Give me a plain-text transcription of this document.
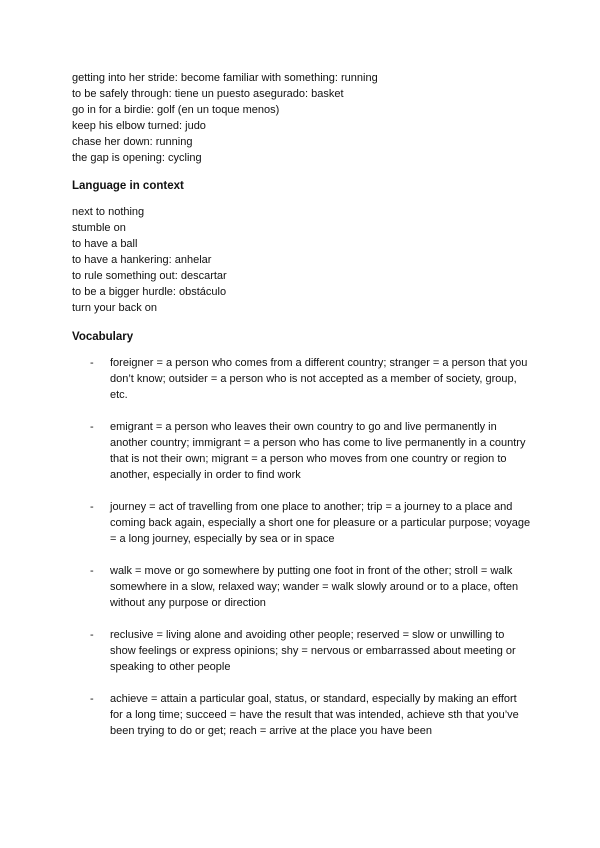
getting into her stride: become familiar with something: running
to be safely through: tiene un puesto asegurado: basket
go in for a birdie: golf (en un toque menos)
keep his elbow turned: judo
chase her down: running
the gap is opening: cycling
Language in context
next to nothing
stumble on
to have a ball
to have a hankering: anhelar
to rule something out: descartar
to be a bigger hurdle: obstáculo
turn your back on
Vocabulary
- foreigner = a person who comes from a different country; stranger = a person that you don’t know; outsider = a person who is not accepted as a member of society, group, etc.
- emigrant = a person who leaves their own country to go and live permanently in another country; immigrant = a person who has come to live permanently in a country that is not their own; migrant = a person who moves from one country or region to another, especially in order to find work
- journey = act of travelling from one place to another; trip = a journey to a place and coming back again, especially a short one for pleasure or a particular purpose; voyage = a long journey, especially by sea or in space
- walk = move or go somewhere by putting one foot in front of the other; stroll = walk somewhere in a slow, relaxed way; wander = walk slowly around or to a place, often without any purpose or direction
- reclusive = living alone and avoiding other people; reserved = slow or unwilling to show feelings or express opinions; shy = nervous or embarrassed about meeting or speaking to other people
- achieve = attain a particular goal, status, or standard, especially by making an effort for a long time; succeed = have the result that was intended, achieve sth that you’ve been trying to do or get; reach = arrive at the place you have been
